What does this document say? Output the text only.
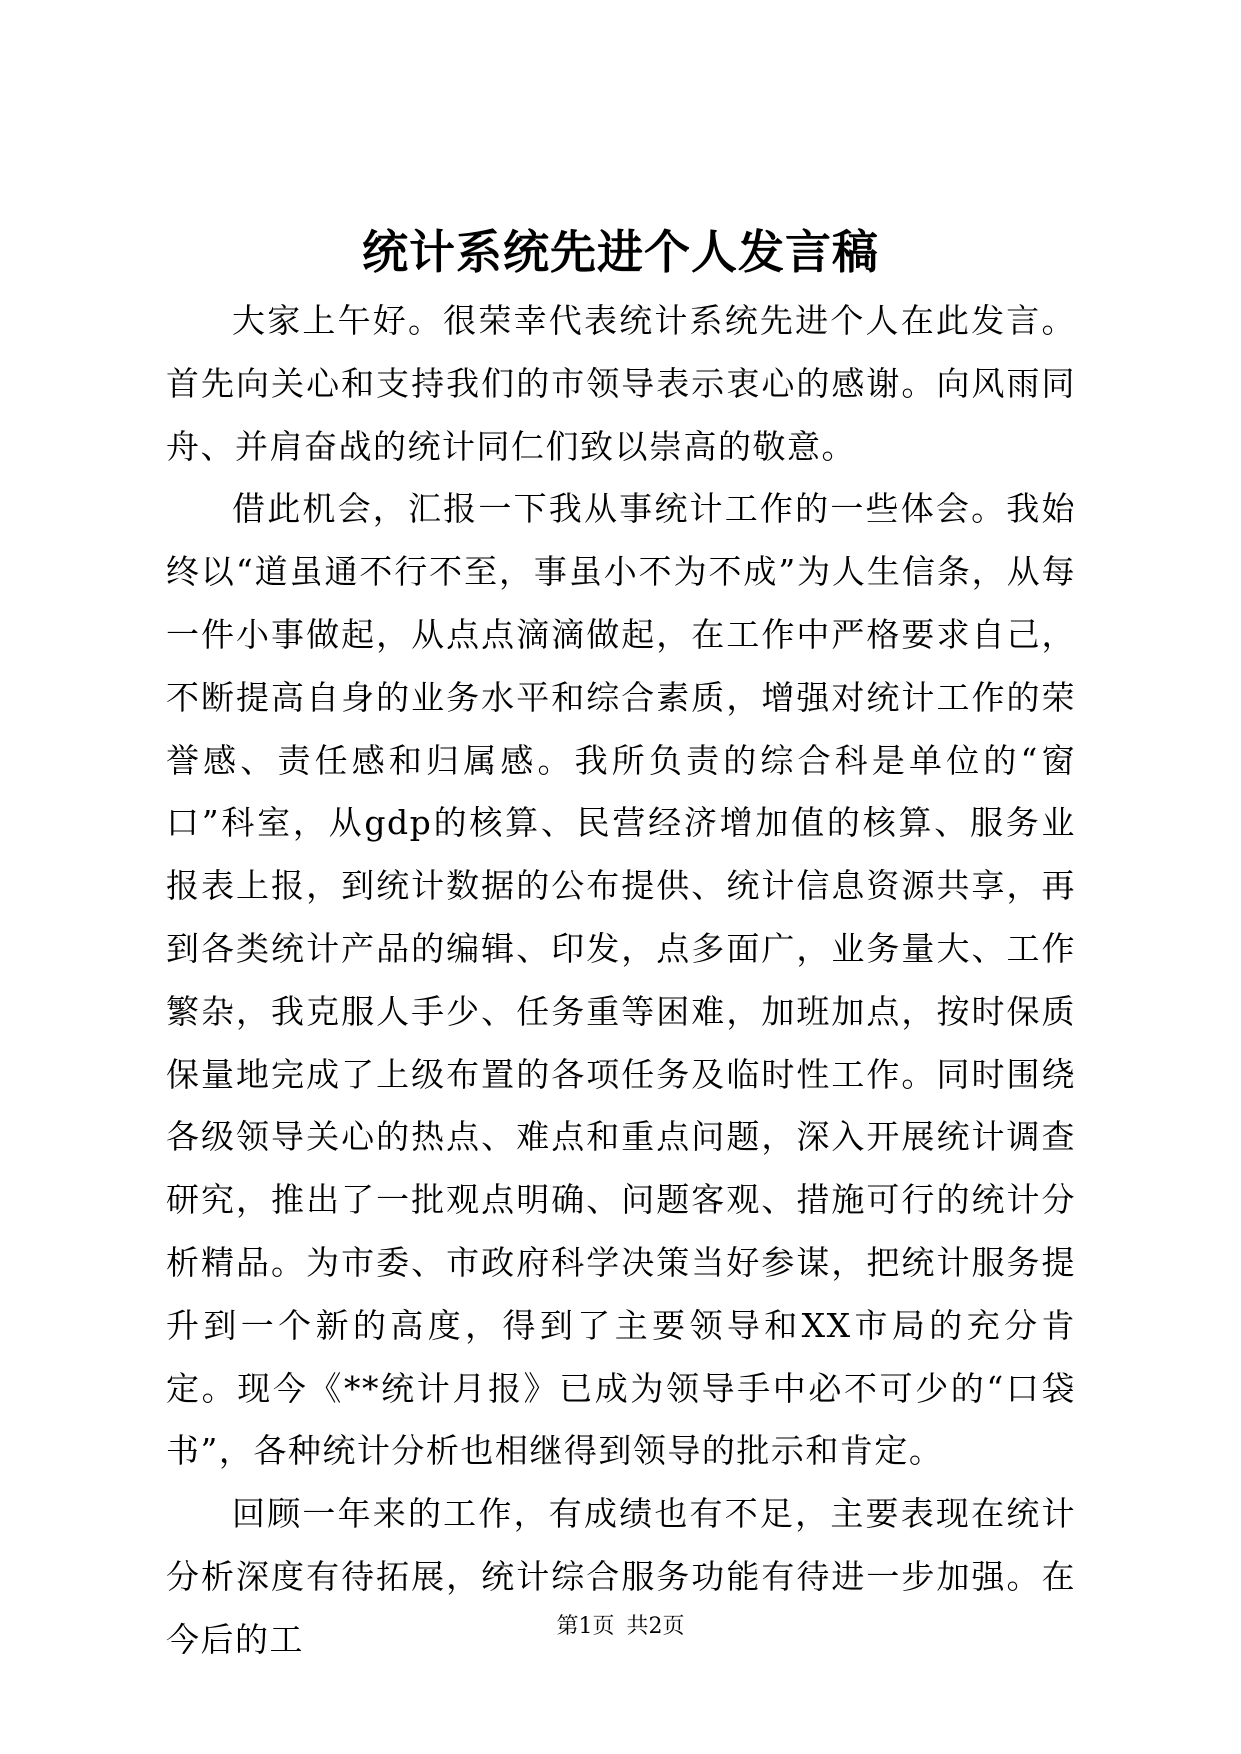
统计系统先进个人发言稿

大家上午好。很荣幸代表统计系统先进个人在此发言。首先向关心和支持我们的市领导表示衷心的感谢。向风雨同舟、并肩奋战的统计同仁们致以崇高的敬意。

借此机会，汇报一下我从事统计工作的一些体会。我始终以“道虽通不行不至，事虽小不为不成”为人生信条，从每一件小事做起，从点点滴滴做起，在工作中严格要求自己，不断提高自身的业务水平和综合素质，增强对统计工作的荣誉感、责任感和归属感。我所负责的综合科是单位的“窗口”科室，从gdp的核算、民营经济增加值的核算、服务业报表上报，到统计数据的公布提供、统计信息资源共享，再到各类统计产品的编辑、印发，点多面广，业务量大、工作繁杂，我克服人手少、任务重等困难，加班加点，按时保质保量地完成了上级布置的各项任务及临时性工作。同时围绕各级领导关心的热点、难点和重点问题，深入开展统计调查研究，推出了一批观点明确、问题客观、措施可行的统计分析精品。为市委、市政府科学决策当好参谋，把统计服务提升到一个新的高度，得到了主要领导和XX市局的充分肯定。现今《**统计月报》已成为领导手中必不可少的“口袋书”，各种统计分析也相继得到领导的批示和肯定。

回顾一年来的工作，有成绩也有不足，主要表现在统计分析深度有待拓展，统计综合服务功能有待进一步加强。在今后的工	第1页 共2页
